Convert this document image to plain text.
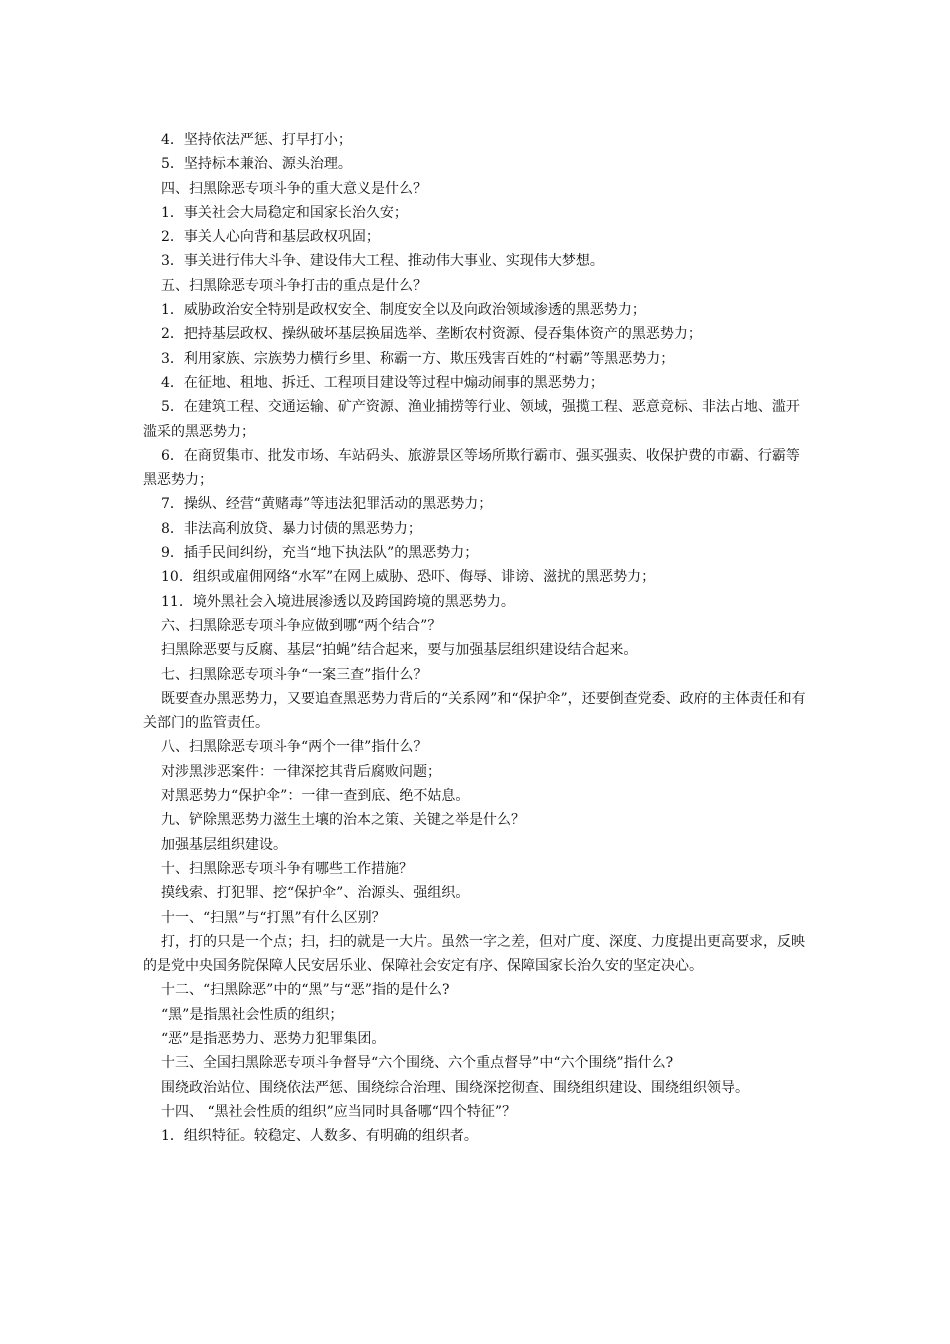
4．坚持依法严惩、打早打小；

5．坚持标本兼治、源头治理。

四、扫黑除恶专项斗争的重大意义是什么？

1．事关社会大局稳定和国家长治久安；

2．事关人心向背和基层政权巩固；

3．事关进行伟大斗争、建设伟大工程、推动伟大事业、实现伟大梦想。

五、扫黑除恶专项斗争打击的重点是什么？

1．威胁政治安全特别是政权安全、制度安全以及向政治领域渗透的黑恶势力；

2．把持基层政权、操纵破坏基层换届选举、垄断农村资源、侵吞集体资产的黑恶势力；

3．利用家族、宗族势力横行乡里、称霸一方、欺压残害百姓的“村霸”等黑恶势力；

4．在征地、租地、拆迁、工程项目建设等过程中煽动闹事的黑恶势力；

5．在建筑工程、交通运输、矿产资源、渔业捕捞等行业、领域，强揽工程、恶意竞标、非法占地、滥开滥采的黑恶势力；

6．在商贸集市、批发市场、车站码头、旅游景区等场所欺行霸市、强买强卖、收保护费的市霸、行霸等黑恶势力；

7．操纵、经营“黄赌毒”等违法犯罪活动的黑恶势力；

8．非法高利放贷、暴力讨债的黑恶势力；

9．插手民间纠纷，充当“地下执法队”的黑恶势力；

10．组织或雇佣网络“水军”在网上威胁、恐吓、侮辱、诽谤、滋扰的黑恶势力；

11．境外黑社会入境进展渗透以及跨国跨境的黑恶势力。

六、扫黑除恶专项斗争应做到哪“两个结合”？

扫黑除恶要与反腐、基层“拍蝇”结合起来，要与加强基层组织建设结合起来。

七、扫黑除恶专项斗争“一案三查”指什么？

既要查办黑恶势力，又要追查黑恶势力背后的“关系网”和“保护伞”，还要倒查党委、政府的主体责任和有关部门的监管责任。

八、扫黑除恶专项斗争“两个一律”指什么？

对涉黑涉恶案件：一律深挖其背后腐败问题；

对黑恶势力“保护伞”：一律一查到底、绝不姑息。

九、铲除黑恶势力滋生土壤的治本之策、关键之举是什么？

加强基层组织建设。

十、扫黑除恶专项斗争有哪些工作措施？

摸线索、打犯罪、挖“保护伞”、治源头、强组织。

十一、“扫黑”与“打黑”有什么区别？

打，打的只是一个点；扫，扫的就是一大片。虽然一字之差，但对广度、深度、力度提出更高要求，反映的是党中央国务院保障人民安居乐业、保障社会安定有序、保障国家长治久安的坚定决心。

十二、“扫黑除恶”中的“黑”与“恶”指的是什么?

“黑”是指黑社会性质的组织；

“恶”是指恶势力、恶势力犯罪集团。

十三、全国扫黑除恶专项斗争督导“六个围绕、六个重点督导”中“六个围绕”指什么?

围绕政治站位、围绕依法严惩、围绕综合治理、围绕深挖彻查、围绕组织建设、围绕组织领导。

十四、 “黑社会性质的组织”应当同时具备哪“四个特征”？

1．组织特征。较稳定、人数多、有明确的组织者。
